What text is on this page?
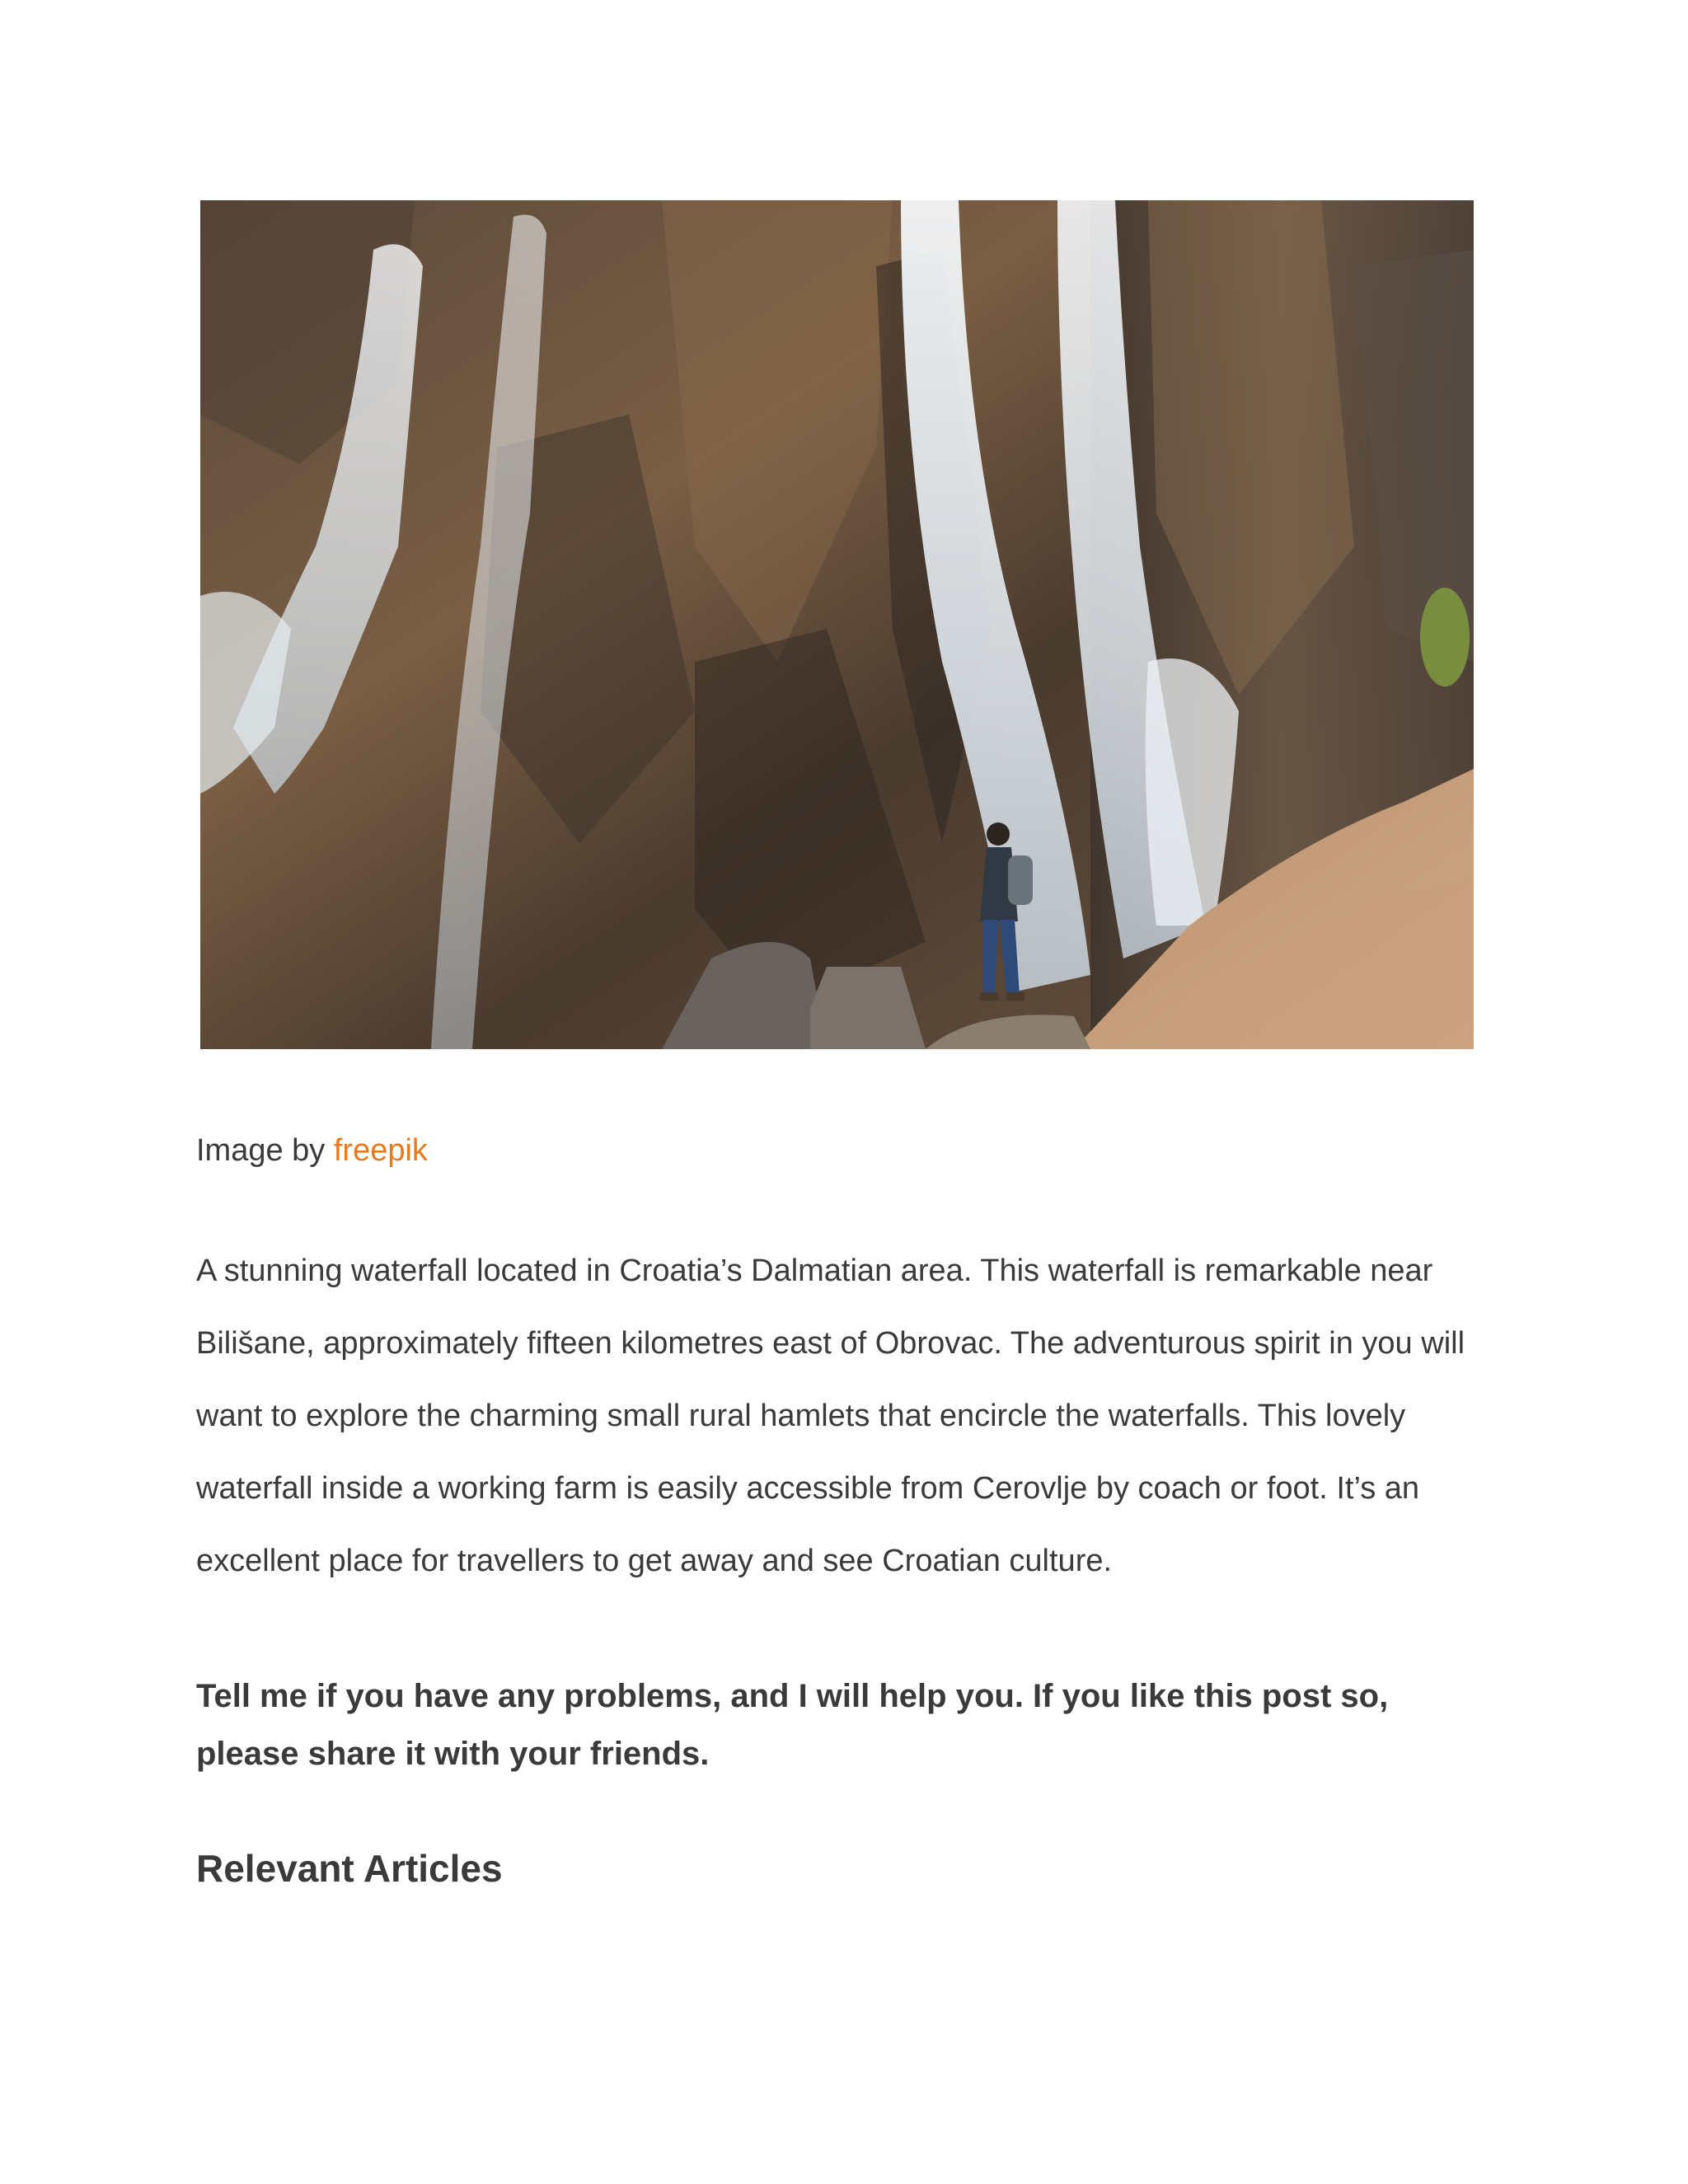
Image by freepik

A stunning waterfall located in Croatia’s Dalmatian area. This waterfall is remarkable near Bilišane, approximately fifteen kilometres east of Obrovac. The adventurous spirit in you will want to explore the charming small rural hamlets that encircle the waterfalls. This lovely waterfall inside a working farm is easily accessible from Cerovlje by coach or foot. It’s an excellent place for travellers to get away and see Croatian culture.

Tell me if you have any problems, and I will help you. If you like this post so, please share it with your friends.

Relevant Articles
